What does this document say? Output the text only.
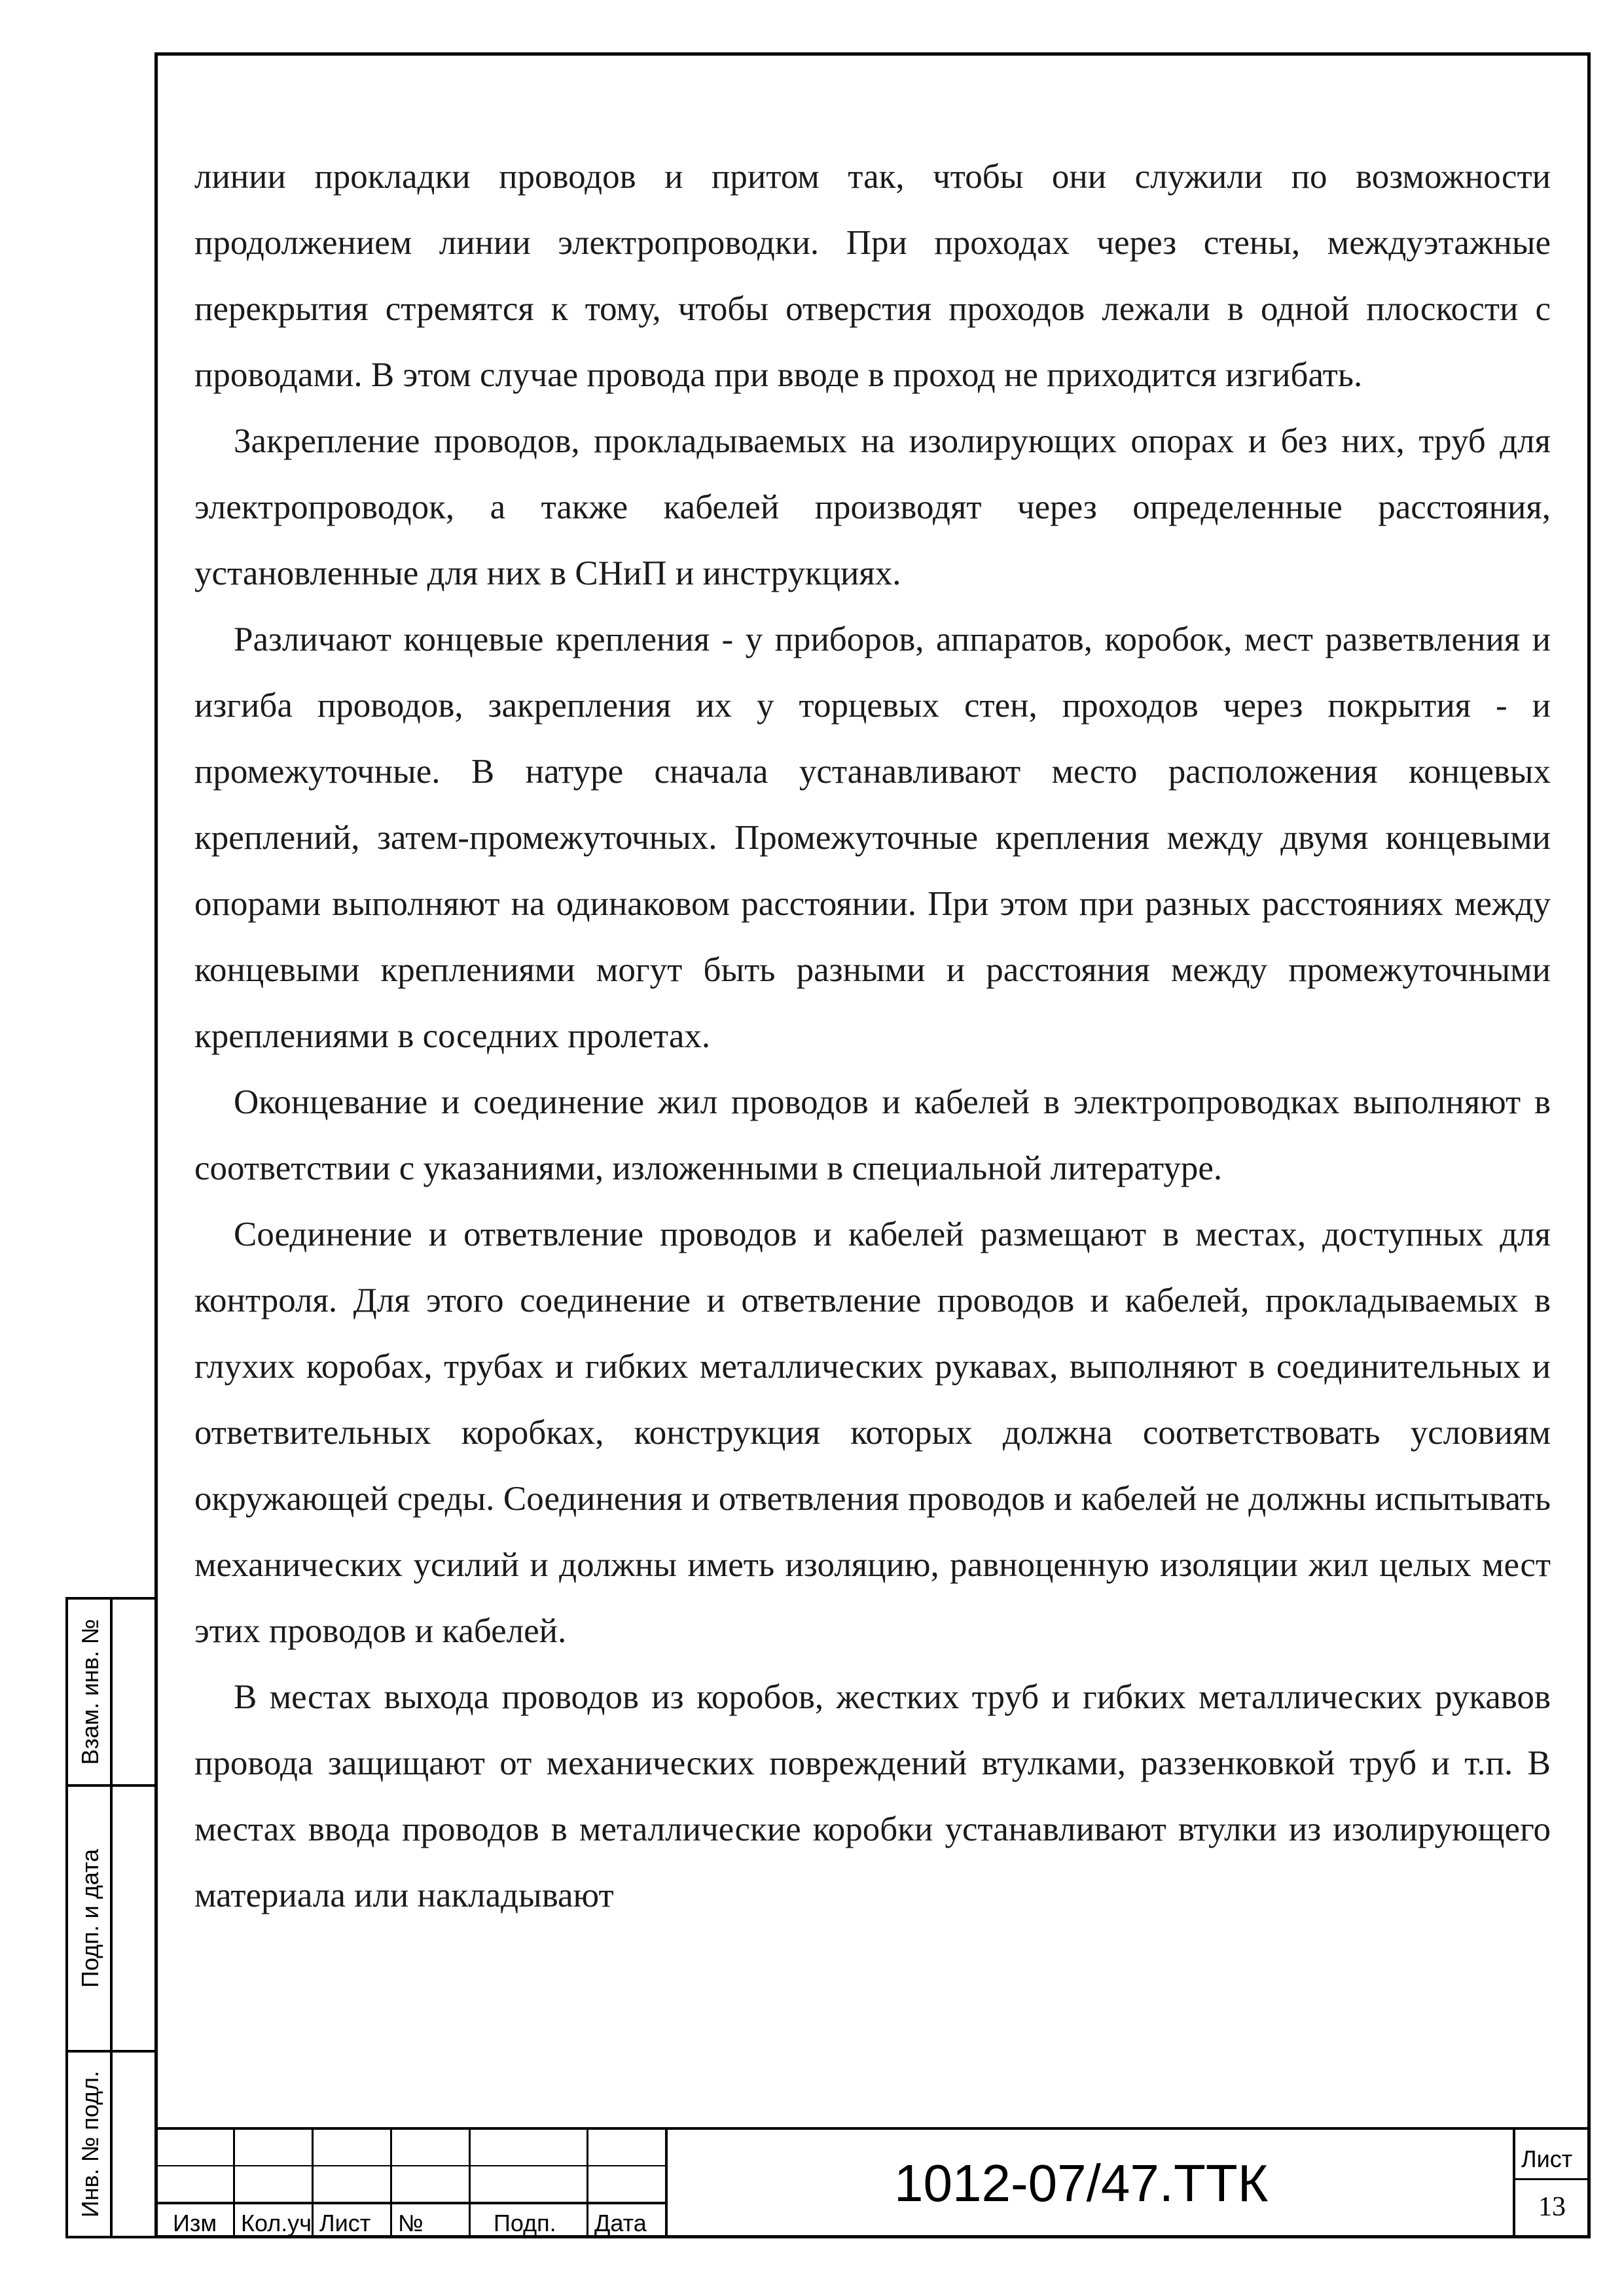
линии прокладки проводов и притом так, чтобы они служили по возможности продолжением линии электропроводки. При проходах через стены, междуэтажные перекрытия стремятся к тому, чтобы отверстия проходов лежали в одной плоскости с проводами. В этом случае провода при вводе в проход не приходится изгибать.

Закрепление проводов, прокладываемых на изолирующих опорах и без них, труб для электропроводок, а также кабелей производят через определенные расстояния, установленные для них в СНиП и инструкциях.

Различают концевые крепления - у приборов, аппаратов, коробок, мест разветвления и изгиба проводов, закрепления их у торцевых стен, проходов через покрытия - и промежуточные. В натуре сначала устанавливают место расположения концевых креплений, затем-промежуточных. Промежуточные крепления между двумя концевыми опорами выполняют на одинаковом расстоянии. При этом при разных расстояниях между концевыми креплениями могут быть разными и расстояния между промежуточными креплениями в соседних пролетах.

Оконцевание и соединение жил проводов и кабелей в электропроводках выполняют в соответствии с указаниями, изложенными в специальной литературе.

Соединение и ответвление проводов и кабелей размещают в местах, доступных для контроля. Для этого соединение и ответвление проводов и кабелей, прокладываемых в глухих коробах, трубах и гибких металлических рукавах, выполняют в соединительных и ответвительных коробках, конструкция которых должна соответствовать условиям окружающей среды. Соединения и ответвления проводов и кабелей не должны испытывать механических усилий и должны иметь изоляцию, равноценную изоляции жил целых мест этих проводов и кабелей.

В местах выхода проводов из коробов, жестких труб и гибких металлических рукавов провода защищают от механических повреждений втулками, раззенковкой труб и т.п. В местах ввода проводов в металлические коробки устанавливают втулки из изолирующего материала или накладывают

Взам. инв. №
Подп. и дата
Инв. № подл.
Изм Кол.уч Лист №	Подп. Дата
1012-07/47.ТТК	Лист
13
